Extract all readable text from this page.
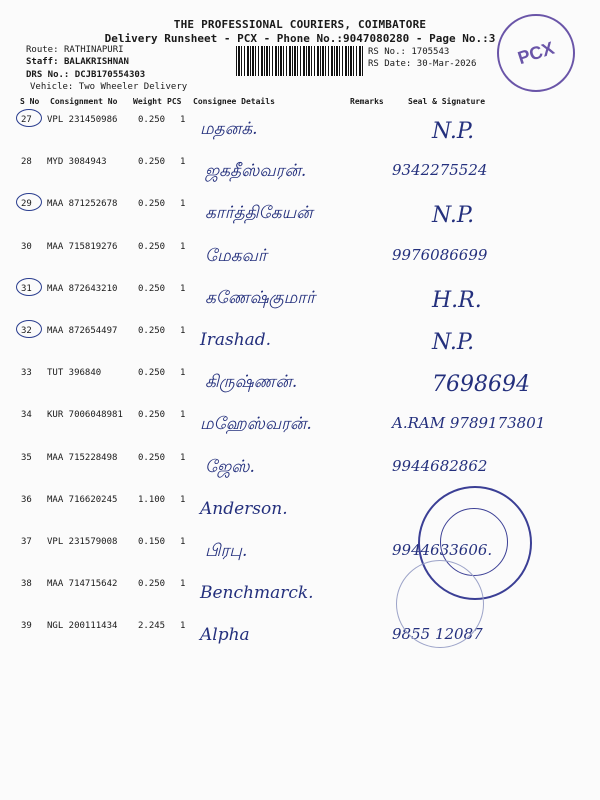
THE PROFESSIONAL COURIERS, COIMBATORE
Delivery Runsheet - PCX - Phone No.:9047080280 - Page No.:3
Route: RATHINAPURI
Staff: BALAKRISHNAN
DRS No.: DCJB170554303
Vehicle: Two Wheeler Delivery
RS No.: 1705543
RS Date: 30-Mar-2026	PCX
S No Consignment No Weight PCS Consignee Details	Remarks	Seal & Signature
27 VPL 231450986 0.250 1 மதனக்.	N.P.
28 MYD 3084943	0.250 1 ஜகதீஸ்வரன்.	9342275524
29 MAA 871252678 0.250 1 கார்த்திகேயன்	N.P.
30 MAA 715819276 0.250 1 மேகவர்	9976086699
31 MAA 872643210 0.250 1 கணேஷ்குமார்	H.R.
32 MAA 872654497 0.250 1 Irashad.	N.P.
33 TUT 396840	0.250 1 கிருஷ்ணன்.	7698694
34 KUR 7006048981 0.250 1 மஹேஸ்வரன்.	A.RAM 9789173801
35 MAA 715228498 0.250 1 ஜேஸ்.	9944682862
36 MAA 716620245 1.100 1 Anderson.
37 VPL 231579008 0.150 1 பிரபு.	9944633606.
38 MAA 714715642 0.250 1 Benchmarck.
39 NGL 200111434 2.245 1 Alpha	9855 12087
